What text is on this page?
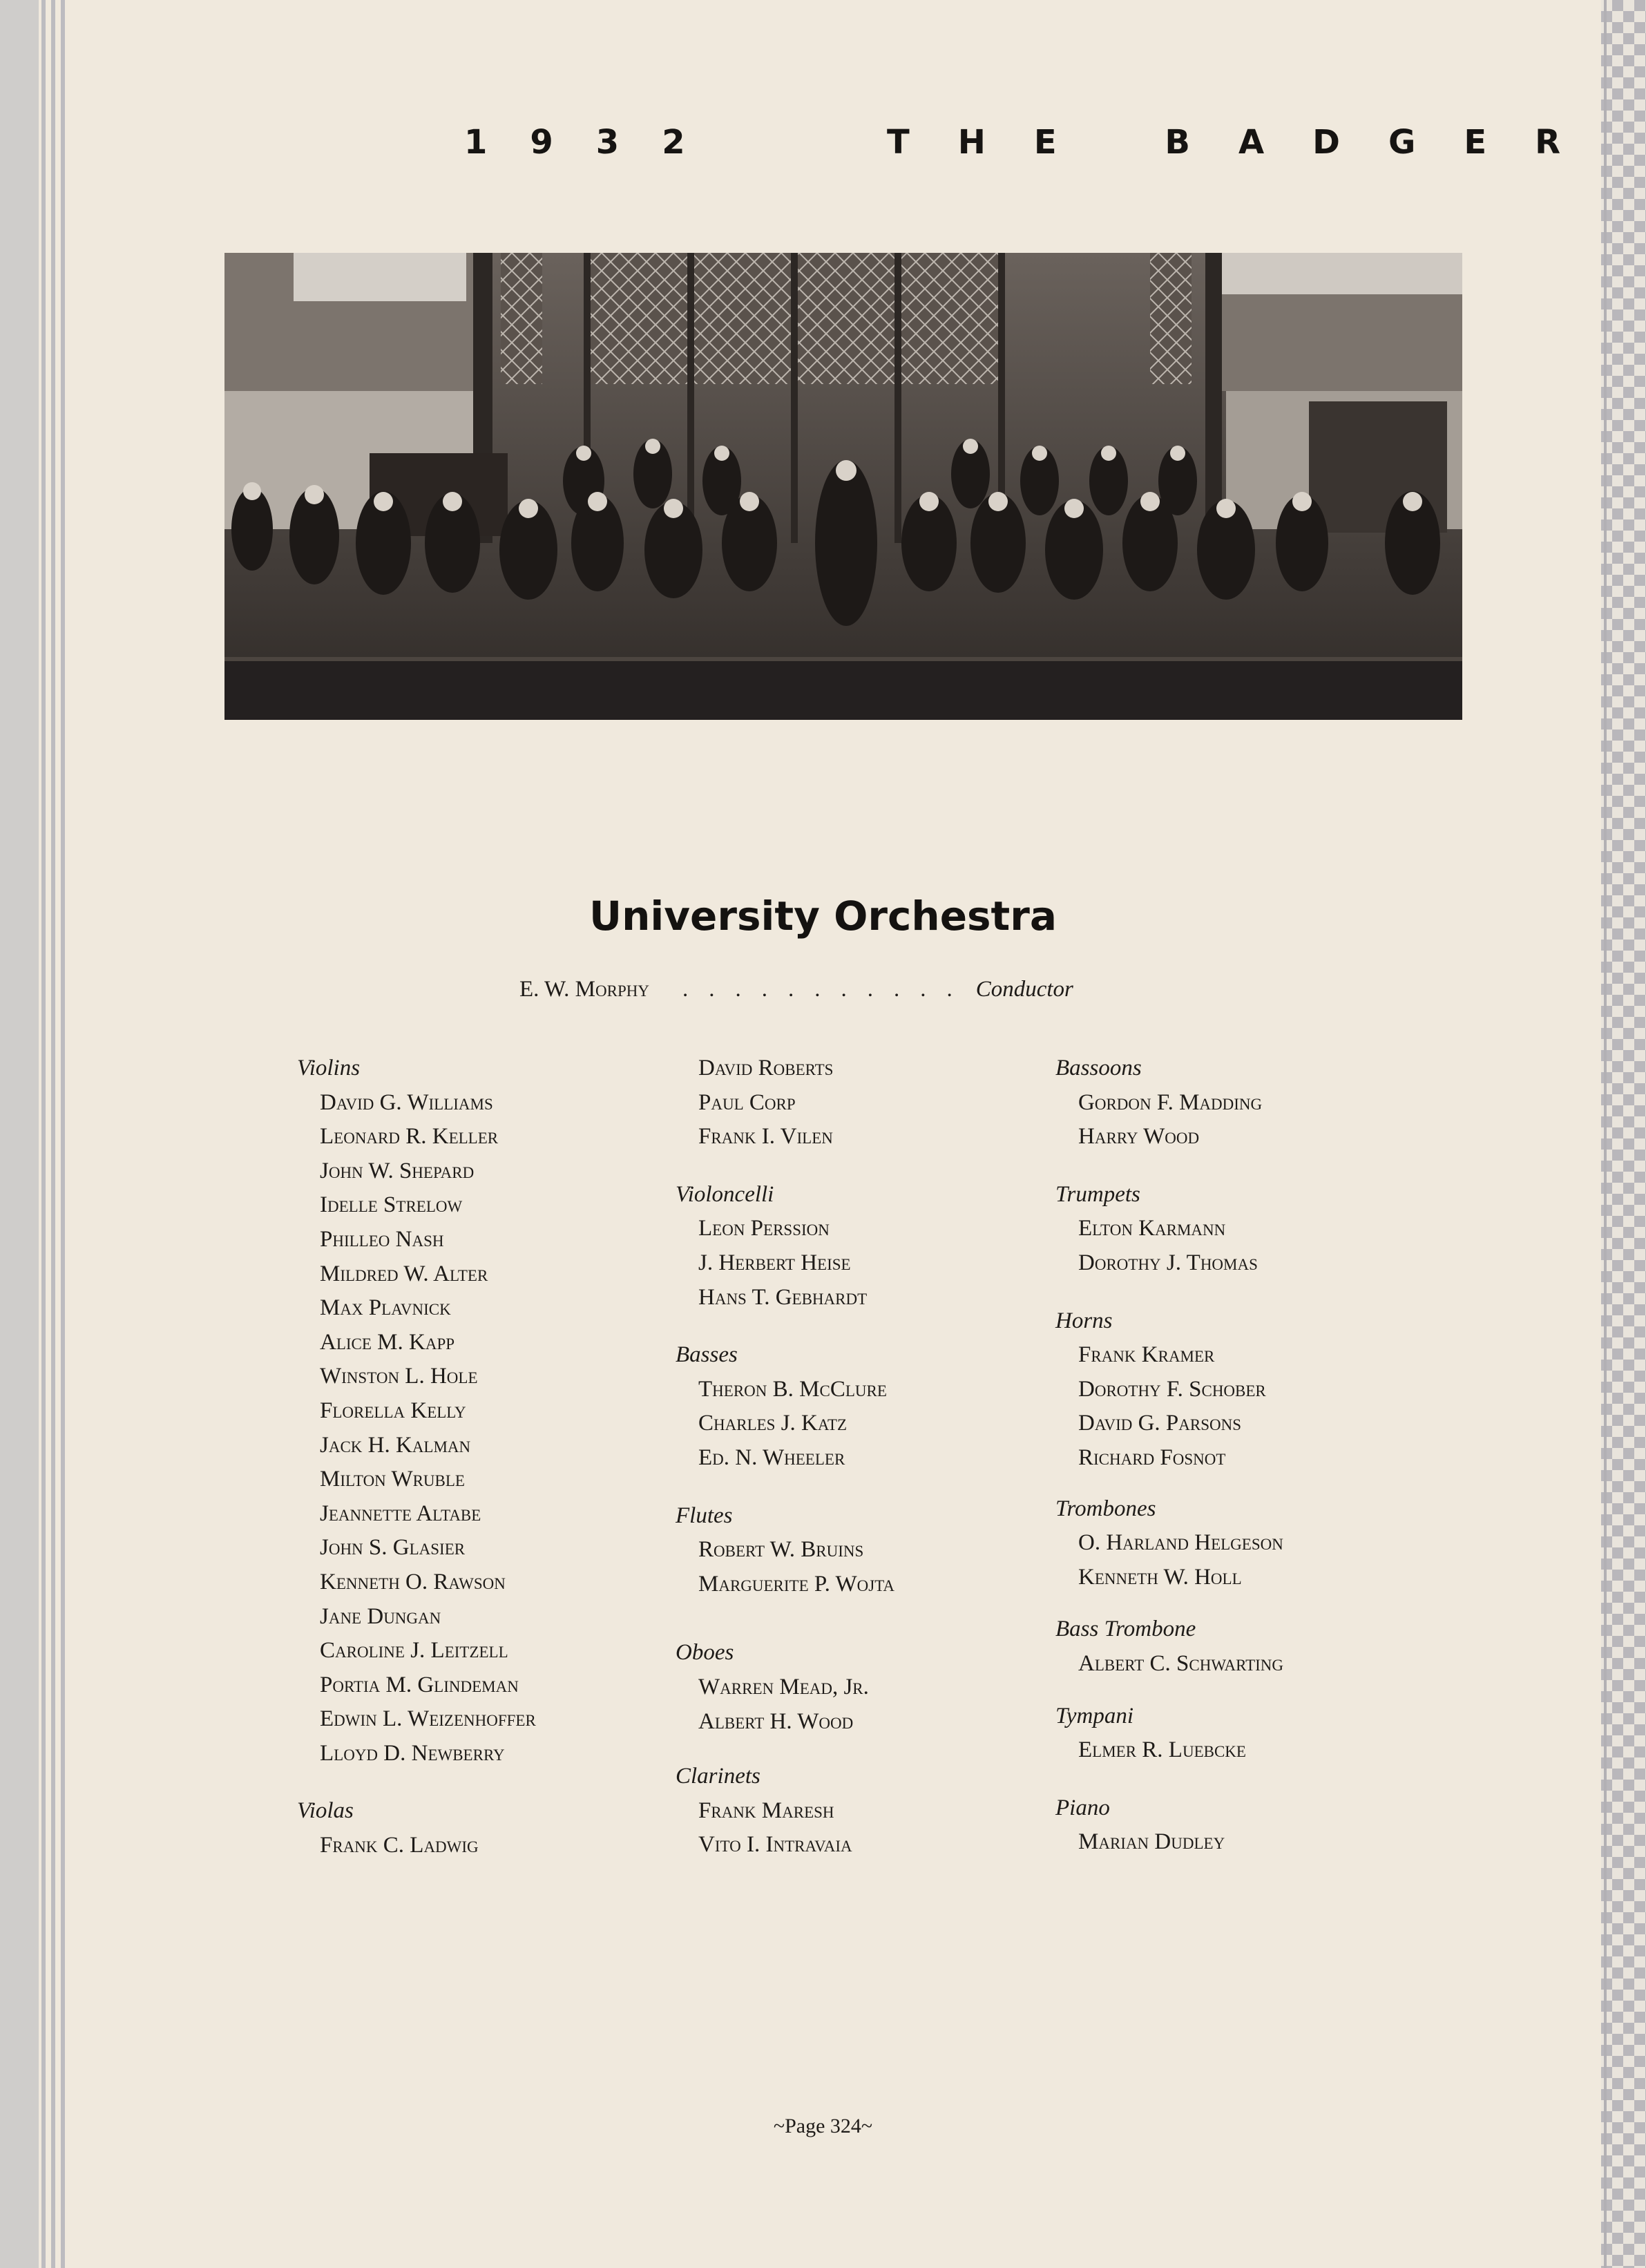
1932	THE BADGER
University Orchestra
E. W. Morphy ........... Conductor
Violins
David G. Williams
Leonard R. Keller
John W. Shepard
Idelle Strelow
Philleo Nash
Mildred W. Alter
Max Plavnick
Alice M. Kapp
Winston L. Hole
Florella Kelly
Jack H. Kalman
Milton Wruble
Jeannette Altabe
John S. Glasier
Kenneth O. Rawson
Jane Dungan
Caroline J. Leitzell
Portia M. Glindeman
Edwin L. Weizenhoffer
Lloyd D. Newberry
Violas
Frank C. Ladwig
David Roberts
Paul Corp
Frank I. Vilen
Violoncelli
Leon Perssion
J. Herbert Heise
Hans T. Gebhardt
Basses
Theron B. McClure
Charles J. Katz
Ed. N. Wheeler
Flutes
Robert W. Bruins
Marguerite P. Wojta
Oboes
Warren Mead, Jr.
Albert H. Wood
Clarinets
Frank Maresh
Vito I. Intravaia
Bassoons
Gordon F. Madding
Harry Wood
Trumpets
Elton Karmann
Dorothy J. Thomas
Horns
Frank Kramer
Dorothy F. Schober
David G. Parsons
Richard Fosnot
Trombones
O. Harland Helgeson
Kenneth W. Holl
Bass Trombone
Albert C. Schwarting
Tympani
Elmer R. Luebcke
Piano
Marian Dudley
~Page 324~
